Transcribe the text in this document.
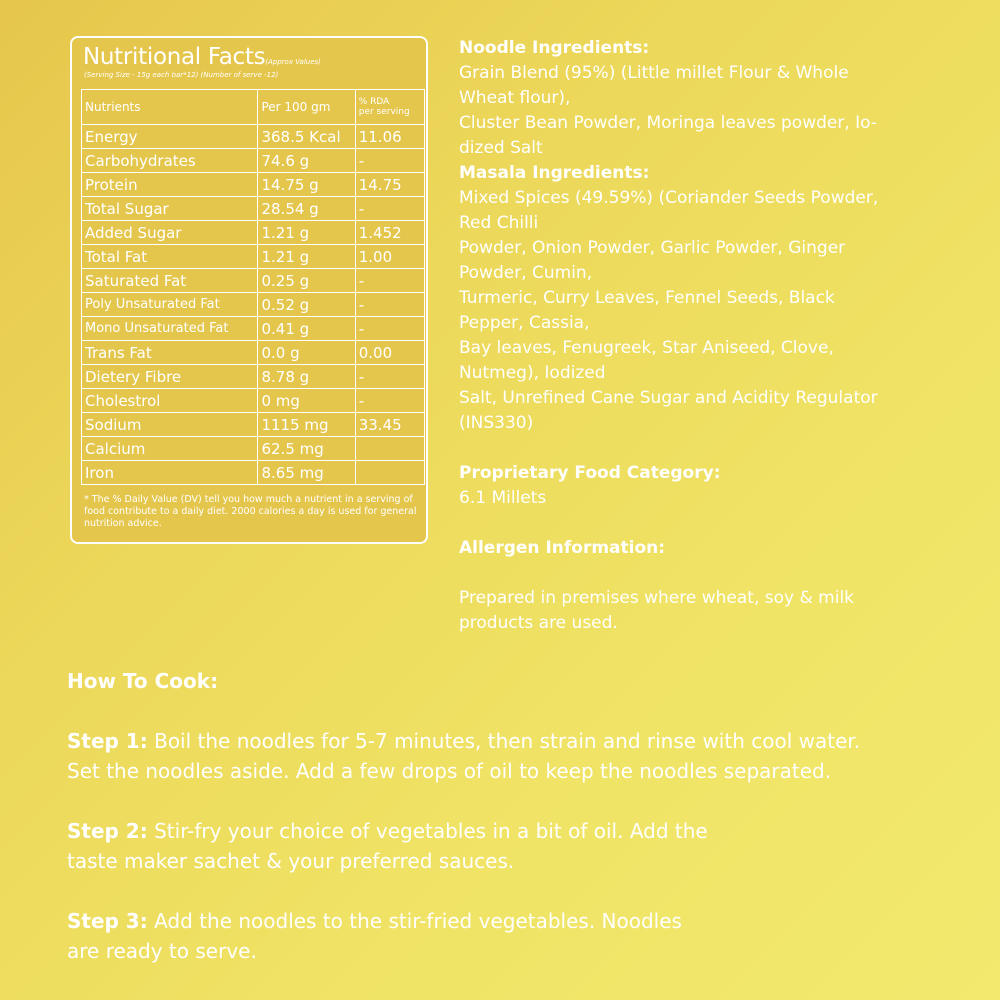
Nutritional Facts(Approx Values)
(Serving Size - 15g each bar*12) (Number of serve -12)
Nutrients	Per 100 gm	% RDA
per serving
Energy	368.5 Kcal	11.06
Carbohydrates	74.6 g	-
Protein	14.75 g	14.75
Total Sugar	28.54 g	-
Added Sugar	1.21 g	1.452
Total Fat	1.21 g	1.00
Saturated Fat	0.25 g	-
Poly Unsaturated Fat	0.52 g	-
Mono Unsaturated Fat	0.41 g	-
Trans Fat	0.0 g	0.00
Dietery Fibre	8.78 g	-
Cholestrol	0 mg	-
Sodium	1115 mg	33.45
Calcium	62.5 mg	
Iron	8.65 mg	
* The % Daily Value (DV) tell you how much a nutrient in a serving of food contribute to a daily diet. 2000 calories a day is used for general nutrition advice.

Noodle Ingredients:

Grain Blend (95%) (Little millet Flour & Whole

Wheat flour),

Cluster Bean Powder, Moringa leaves powder, Io-

dized Salt

Masala Ingredients:

Mixed Spices (49.59%) (Coriander Seeds Powder,

Red Chilli

Powder, Onion Powder, Garlic Powder, Ginger

Powder, Cumin,

Turmeric, Curry Leaves, Fennel Seeds, Black

Pepper, Cassia,

Bay leaves, Fenugreek, Star Aniseed, Clove,

Nutmeg), Iodized

Salt, Unrefined Cane Sugar and Acidity Regulator

(INS330)

Proprietary Food Category:

6.1 Millets

Allergen Information:

Prepared in premises where wheat, soy & milk

products are used.

How To Cook:

Step 1: Boil the noodles for 5-7 minutes, then strain and rinse with cool water.

Set the noodles aside. Add a few drops of oil to keep the noodles separated.

Step 2: Stir-fry your choice of vegetables in a bit of oil. Add the

taste maker sachet & your preferred sauces.

Step 3: Add the noodles to the stir-fried vegetables. Noodles

are ready to serve.
